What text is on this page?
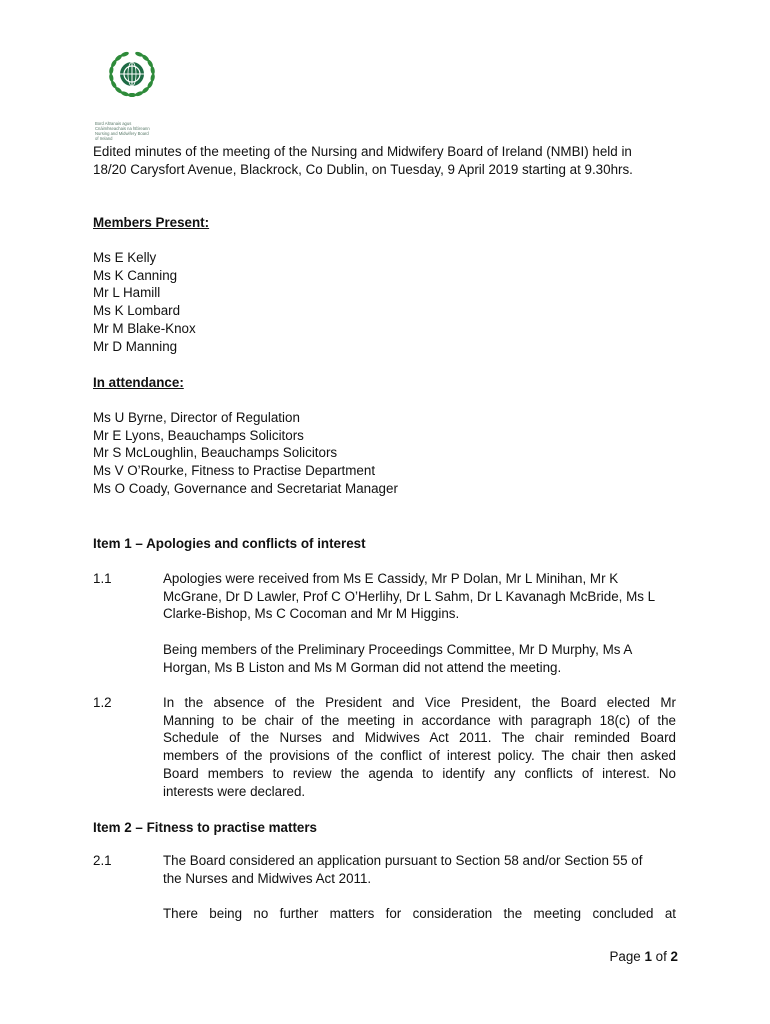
Bord Altranais agus
Cnáimhseachais na hÉireann
Nursing and Midwifery Board
of Ireland

Edited minutes of the meeting of the Nursing and Midwifery Board of Ireland (NMBI) held in

18/20 Carysfort Avenue, Blackrock, Co Dublin, on Tuesday, 9 April 2019 starting at 9.30hrs.

Members Present:

Ms E Kelly
Ms K Canning
Mr L Hamill
Ms K Lombard
Mr M Blake-Knox
Mr D Manning

In attendance:

Ms U Byrne, Director of Regulation
Mr E Lyons, Beauchamps Solicitors
Mr S McLoughlin, Beauchamps Solicitors
Ms V O’Rourke, Fitness to Practise Department
Ms O Coady, Governance and Secretariat Manager

Item 1 – Apologies and conflicts of interest

1.1	Apologies were received from Ms E Cassidy, Mr P Dolan, Mr L Minihan, Mr K
McGrane, Dr D Lawler, Prof C O’Herlihy, Dr L Sahm, Dr L Kavanagh McBride, Ms L
Clarke-Bishop, Ms C Cocoman and Mr M Higgins.
Being members of the Preliminary Proceedings Committee, Mr D Murphy, Ms A
Horgan, Ms B Liston and Ms M Gorman did not attend the meeting.
1.2	In the absence of the President and Vice President, the Board elected Mr
Manning to be chair of the meeting in accordance with paragraph 18(c) of the
Schedule of the Nurses and Midwives Act 2011. The chair reminded Board
members of the provisions of the conflict of interest policy. The chair then asked
Board members to review the agenda to identify any conflicts of interest. No
interests were declared.

Item 2 – Fitness to practise matters

2.1	The Board considered an application pursuant to Section 58 and/or Section 55 of
the Nurses and Midwives Act 2011.
There being no further matters for consideration the meeting concluded at
Page 1 of 2
